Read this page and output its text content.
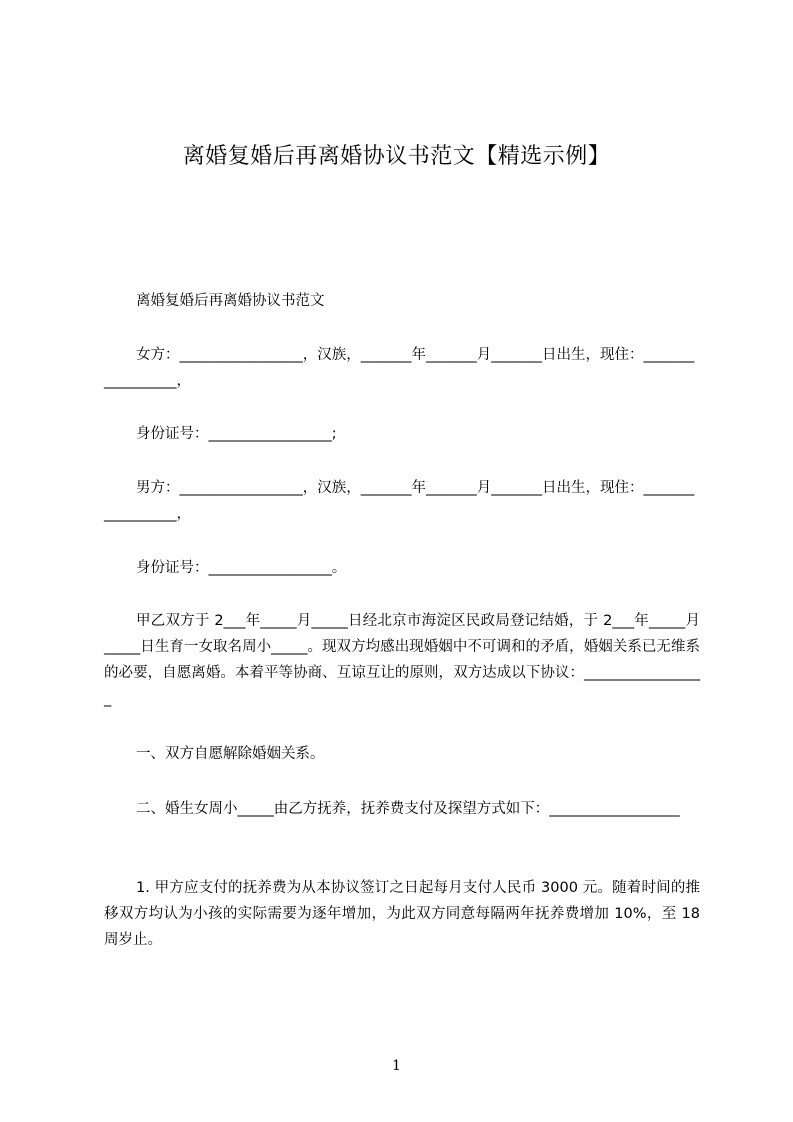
离婚复婚后再离婚协议书范文【精选示例】
离婚复婚后再离婚协议书范文
女方：_________________，汉族，_______年_______月_______日出生，现住：_________________，
身份证号：_________________;
男方：_________________，汉族，_______年_______月_______日出生，现住：_________________，
身份证号：_________________。
甲乙双方于 2___年_____月_____日经北京市海淀区民政局登记结婚，于 2___年_____月_____日生育一女取名周小_____。现双方均感出现婚姻中不可调和的矛盾，婚姻关系已无维系的必要，自愿离婚。本着平等协商、互谅互让的原则，双方达成以下协议：_________________
一、双方自愿解除婚姻关系。
二、婚生女周小_____由乙方抚养，抚养费支付及探望方式如下：__________________
1. 甲方应支付的抚养费为从本协议签订之日起每月支付人民币 3000 元。随着时间的推移双方均认为小孩的实际需要为逐年增加，为此双方同意每隔两年抚养费增加 10%，至 18 周岁止。
1
